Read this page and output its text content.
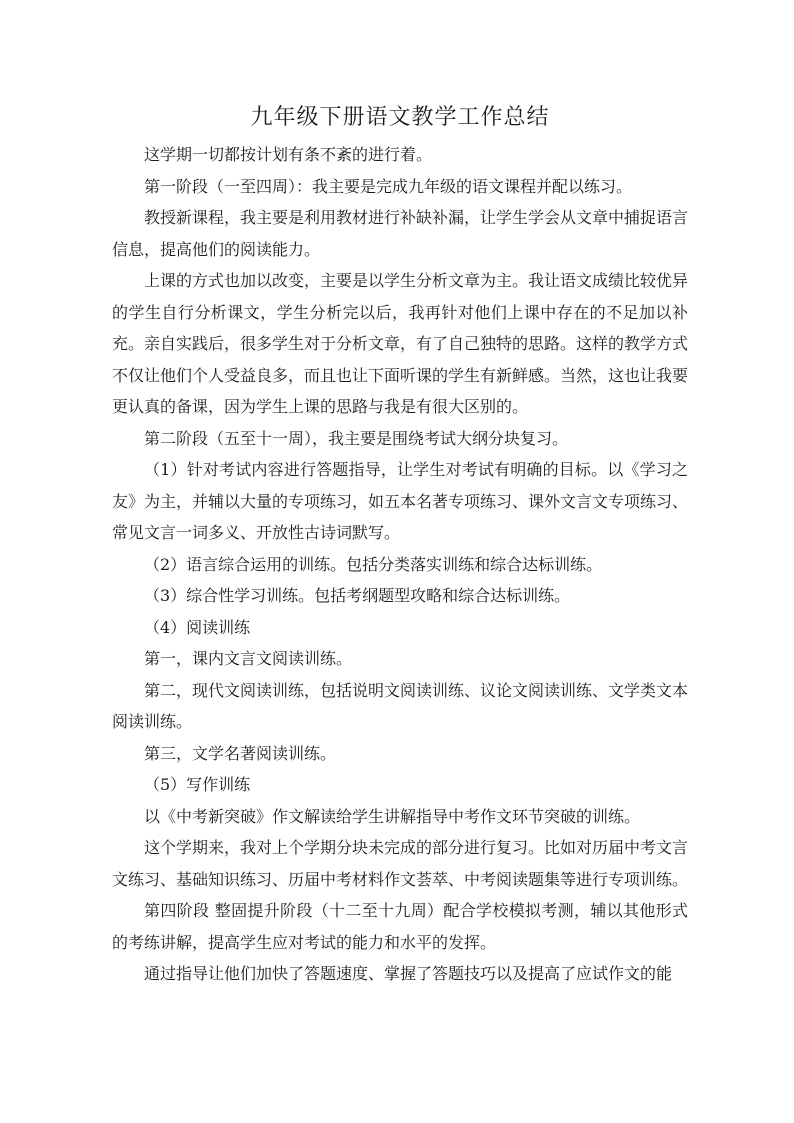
九年级下册语文教学工作总结

这学期一切都按计划有条不紊的进行着。

第一阶段（一至四周）：我主要是完成九年级的语文课程并配以练习。

教授新课程，我主要是利用教材进行补缺补漏，让学生学会从文章中捕捉语言信息，提高他们的阅读能力。

上课的方式也加以改变，主要是以学生分析文章为主。我让语文成绩比较优异的学生自行分析课文，学生分析完以后，我再针对他们上课中存在的不足加以补充。亲自实践后，很多学生对于分析文章，有了自己独特的思路。这样的教学方式不仅让他们个人受益良多，而且也让下面听课的学生有新鲜感。当然，这也让我要更认真的备课，因为学生上课的思路与我是有很大区别的。

第二阶段（五至十一周），我主要是围绕考试大纲分块复习。

（1）针对考试内容进行答题指导，让学生对考试有明确的目标。以《学习之友》为主，并辅以大量的专项练习，如五本名著专项练习、课外文言文专项练习、常见文言一词多义、开放性古诗词默写。

（2）语言综合运用的训练。包括分类落实训练和综合达标训练。

（3）综合性学习训练。包括考纲题型攻略和综合达标训练。

（4）阅读训练

第一，课内文言文阅读训练。

第二，现代文阅读训练，包括说明文阅读训练、议论文阅读训练、文学类文本阅读训练。

第三，文学名著阅读训练。

（5）写作训练

以《中考新突破》作文解读给学生讲解指导中考作文环节突破的训练。

这个学期来，我对上个学期分块未完成的部分进行复习。比如对历届中考文言文练习、基础知识练习、历届中考材料作文荟萃、中考阅读题集等进行专项训练。

第四阶段 整固提升阶段（十二至十九周）配合学校模拟考测，辅以其他形式的考练讲解，提高学生应对考试的能力和水平的发挥。

通过指导让他们加快了答题速度、掌握了答题技巧以及提高了应试作文的能
